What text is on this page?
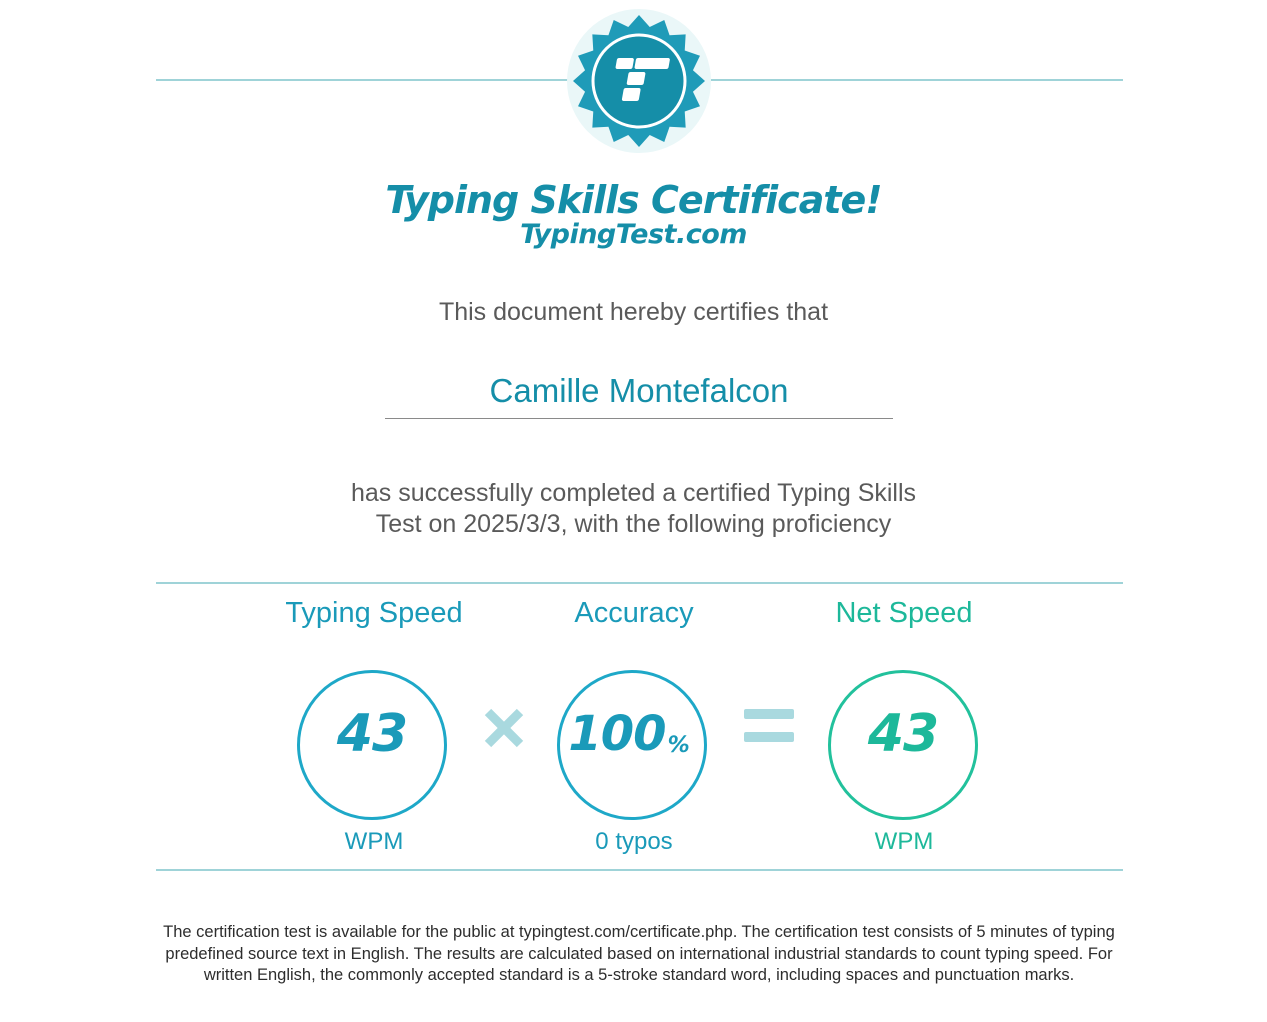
Typing Skills Certificate!
TypingTest.com
This document hereby certifies that
Camille Montefalcon
has successfully completed a certified Typing Skills
Test on 2025/3/3, with the following proficiency
Typing Speed	Accuracy	Net Speed
43	100 %	43
WPM	0 typos	WPM
The certification test is available for the public at typingtest.com/certificate.php. The certification test consists of 5 minutes of typing predefined source text in English. The results are calculated based on international industrial standards to count typing speed. For written English, the commonly accepted standard is a 5-stroke standard word, including spaces and punctuation marks.
